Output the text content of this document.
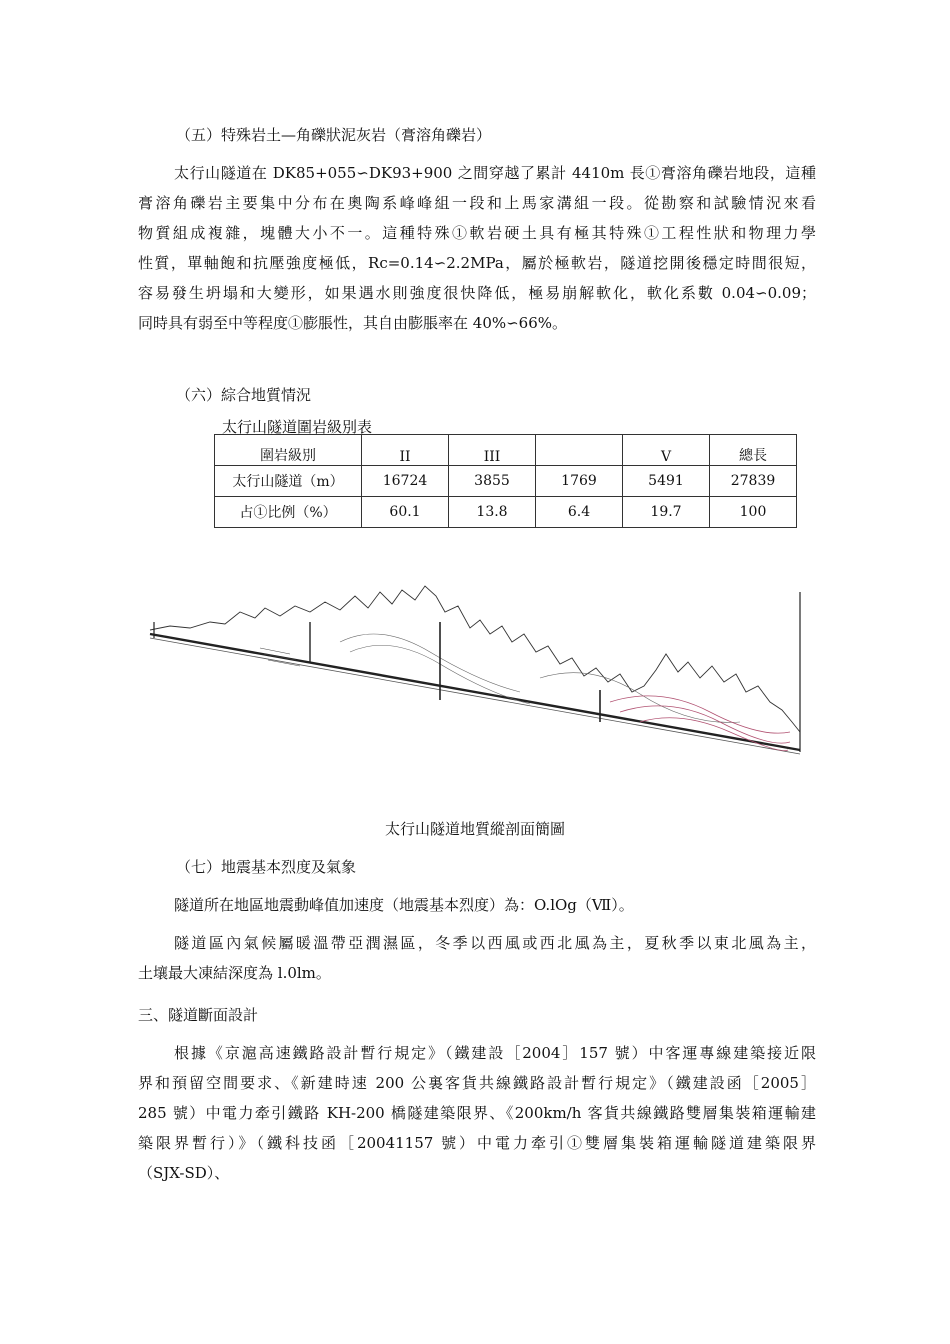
（五）特殊岩土—角礫狀泥灰岩（膏溶角礫岩）

太行山隧道在 DK85+055∽DK93+900 之間穿越了累計 4410m 長①膏溶角礫岩地段，這種
膏溶角礫岩主要集中分布在奧陶系峰峰組一段和上馬家溝組一段。從勘察和試驗情況來看
物質組成複雜，塊體大小不一。這種特殊①軟岩硬土具有極其特殊①工程性狀和物理力學
性質，單軸飽和抗壓強度極低，Rc=0.14∽2.2MPa，屬於極軟岩，隧道挖開後穩定時間很短，
容易發生坍塌和大變形，如果遇水則強度很快降低，極易崩解軟化，軟化系數 0.04∽0.09；
同時具有弱至中等程度①膨脹性，其自由膨脹率在 40%∽66%。

（六）綜合地質情況

太行山隧道圍岩級別表
圍岩級別	II	III		V	總長
太行山隧道（m）	16724	3855	1769	5491	27839
占①比例（%）	60.1	13.8	6.4	19.7	100
太行山隧道地質縱剖面簡圖

（七）地震基本烈度及氣象

隧道所在地區地震動峰值加速度（地震基本烈度）為：O.lOg（Ⅶ）。

隧道區內氣候屬暖溫帶亞潤濕區，冬季以西風或西北風為主，夏秋季以東北風為主，
土壤最大凍結深度為 l.0lm。

三、隧道斷面設計

根據《京滬高速鐵路設計暫行規定》（鐵建設［2004］157 號）中客運專線建築接近限
界和預留空間要求、《新建時速 200 公裏客貨共線鐵路設計暫行規定》（鐵建設函［2005］
285 號）中電力牽引鐵路 KH-200 橋隧建築限界、《200km/h 客貨共線鐵路雙層集裝箱運輸建
築限界暫行）》（鐵科技函［20041157 號）中電力牽引①雙層集裝箱運輸隧道建築限界
（SJX-SD）、
